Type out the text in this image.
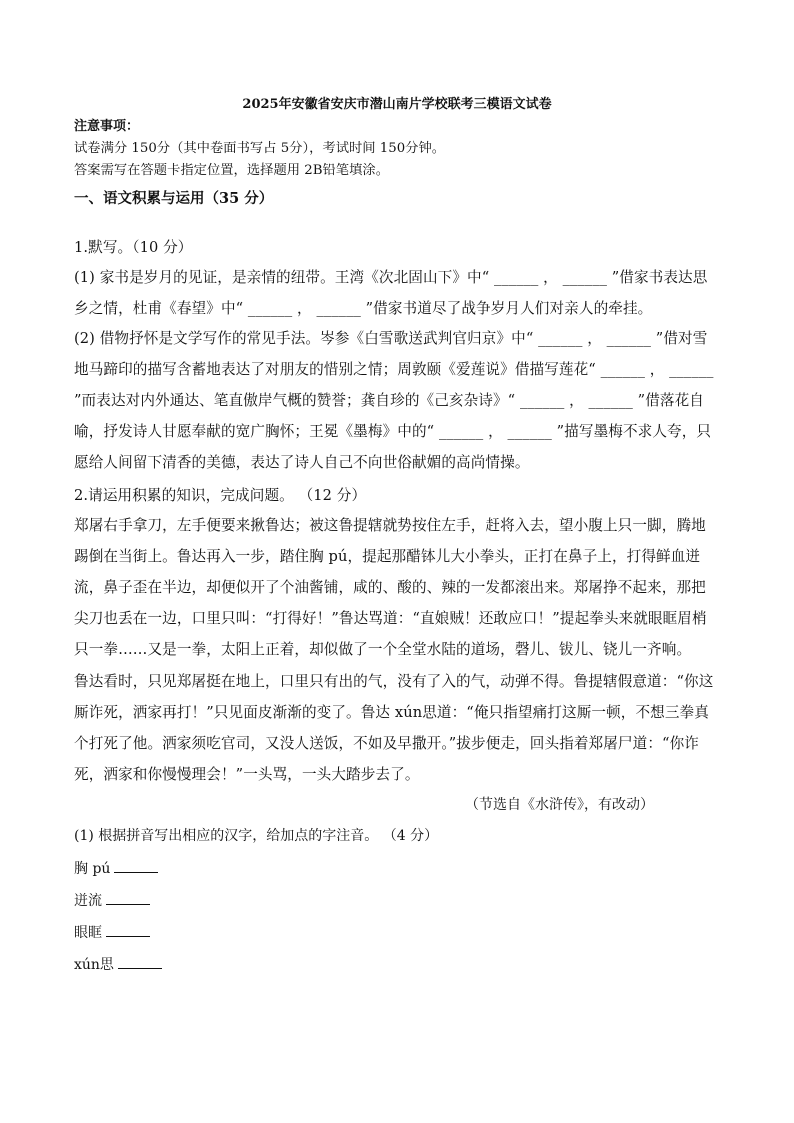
2025年安徽省安庆市潜山南片学校联考三模语文试卷
注意事项：
试卷满分 150分（其中卷面书写占 5分），考试时间 150分钟。
答案需写在答题卡指定位置，选择题用 2B铅笔填涂。
一、语文积累与运用（35 分）
1.默写。（10 分）
(1) 家书是岁月的见证，是亲情的纽带。王湾《次北固山下》中“ ______ ， ______ ”借家书表达思乡之情，杜甫《春望》中“ ______ ， ______ ”借家书道尽了战争岁月人们对亲人的牵挂。
(2) 借物抒怀是文学写作的常见手法。岑参《白雪歌送武判官归京》中“ ______ ， ______ ”借对雪地马蹄印的描写含蓄地表达了对朋友的惜别之情；周敦颐《爱莲说》借描写莲花“ ______ ， ______ ”而表达对内外通达、笔直傲岸气概的赞誉；龚自珍的《己亥杂诗》“ ______ ， ______ ”借落花自喻，抒发诗人甘愿奉献的宽广胸怀；王冕《墨梅》中的“ ______ ， ______ ”描写墨梅不求人夸，只愿给人间留下清香的美德，表达了诗人自己不向世俗献媚的高尚情操。
2.请运用积累的知识，完成问题。 （12 分）
郑屠右手拿刀，左手便要来揪鲁达；被这鲁提辖就势按住左手，赶将入去，望小腹上只一脚，腾地踢倒在当街上。鲁达再入一步，踏住胸 pú，提起那醋钵儿大小拳头，正打在鼻子上，打得鲜血迸流，鼻子歪在半边，却便似开了个油酱铺，咸的、酸的、辣的一发都滚出来。郑屠挣不起来，那把尖刀也丢在一边，口里只叫：“打得好！”鲁达骂道：“直娘贼！还敢应口！”提起拳头来就眼眶眉梢只一拳……又是一拳，太阳上正着，却似做了一个全堂水陆的道场，磬儿、钹儿、铙儿一齐响。
鲁达看时，只见郑屠挺在地上，口里只有出的气，没有了入的气，动弹不得。鲁提辖假意道：“你这厮诈死，洒家再打！”只见面皮渐渐的变了。鲁达 xún思道：“俺只指望痛打这厮一顿，不想三拳真个打死了他。洒家须吃官司，又没人送饭，不如及早撒开。”拔步便走，回头指着郑屠尸道：“你诈死，洒家和你慢慢理会！”一头骂，一头大踏步去了。
（节选自《水浒传》，有改动）
(1) 根据拼音写出相应的汉字，给加点的字注音。 （4 分）
胸 pú
迸流
眼眶
xún思
